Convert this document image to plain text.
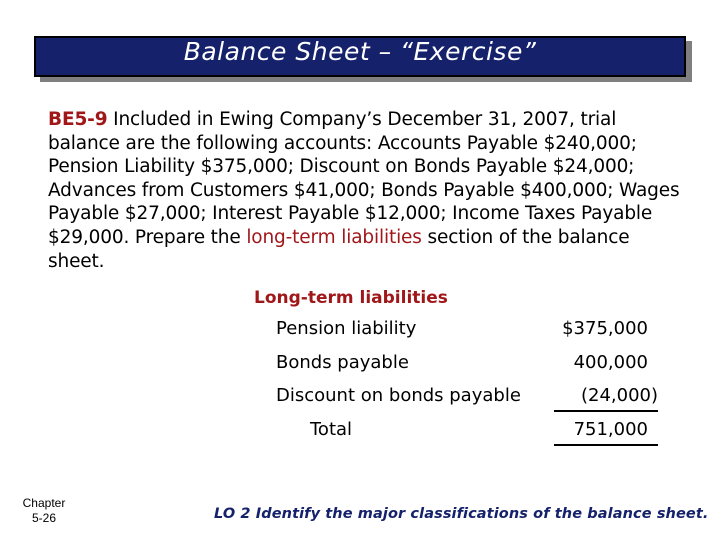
Balance Sheet – “Exercise”
BE5-9 Included in Ewing Company’s December 31, 2007, trial balance are the following accounts: Accounts Payable $240,000; Pension Liability $375,000; Discount on Bonds Payable $24,000; Advances from Customers $41,000; Bonds Payable $400,000; Wages Payable $27,000; Interest Payable $12,000; Income Taxes Payable $29,000. Prepare the long-term liabilities section of the balance sheet.
Long-term liabilities
Pension liability	$375,000
Bonds payable	400,000
Discount on bonds payable	(24,000)
Total	751,000
Chapter
5-26	LO 2 Identify the major classifications of the balance sheet.
